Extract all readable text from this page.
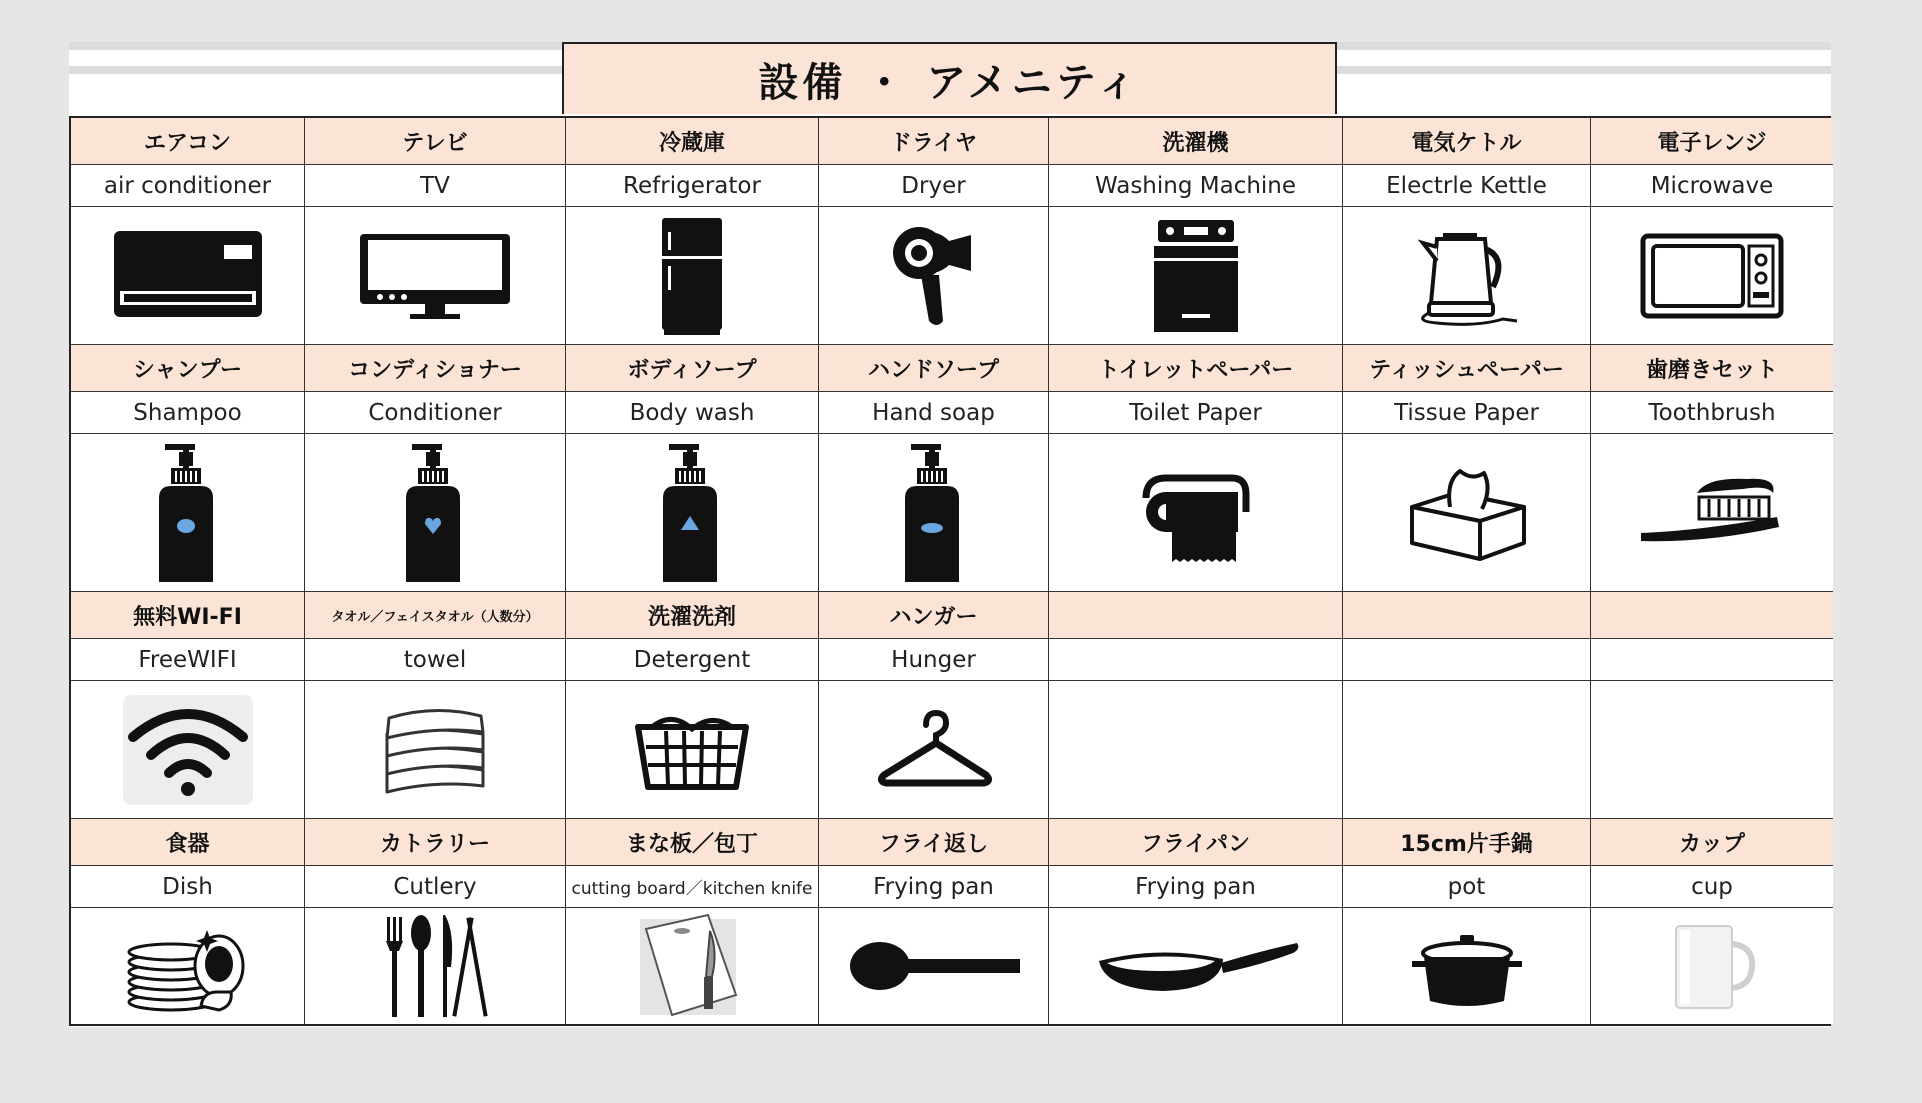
設備 ・ アメニティ
エアコン	テレビ	冷蔵庫	ドライヤ	洗濯機	電気ケトル	電子レンジ
air conditioner	TV	Refrigerator	Dryer	Washing Machine	Electrle Kettle	Microwave
シャンプー	コンディショナー	ボディソープ	ハンドソープ	トイレットペーパー	ティッシュペーパー	歯磨きセット
Shampoo	Conditioner	Body wash	Hand soap	Toilet Paper	Tissue Paper	Toothbrush
無料WI-FI	タオル／フェイスタオル（人数分）	洗濯洗剤	ハンガー
FreeWIFI	towel	Detergent	Hunger
食器	カトラリー	まな板／包丁	フライ返し	フライパン	15cm片手鍋	カップ
Dish	Cutlery	cutting board／kitchen knife	Frying pan	Frying pan	pot	cup
